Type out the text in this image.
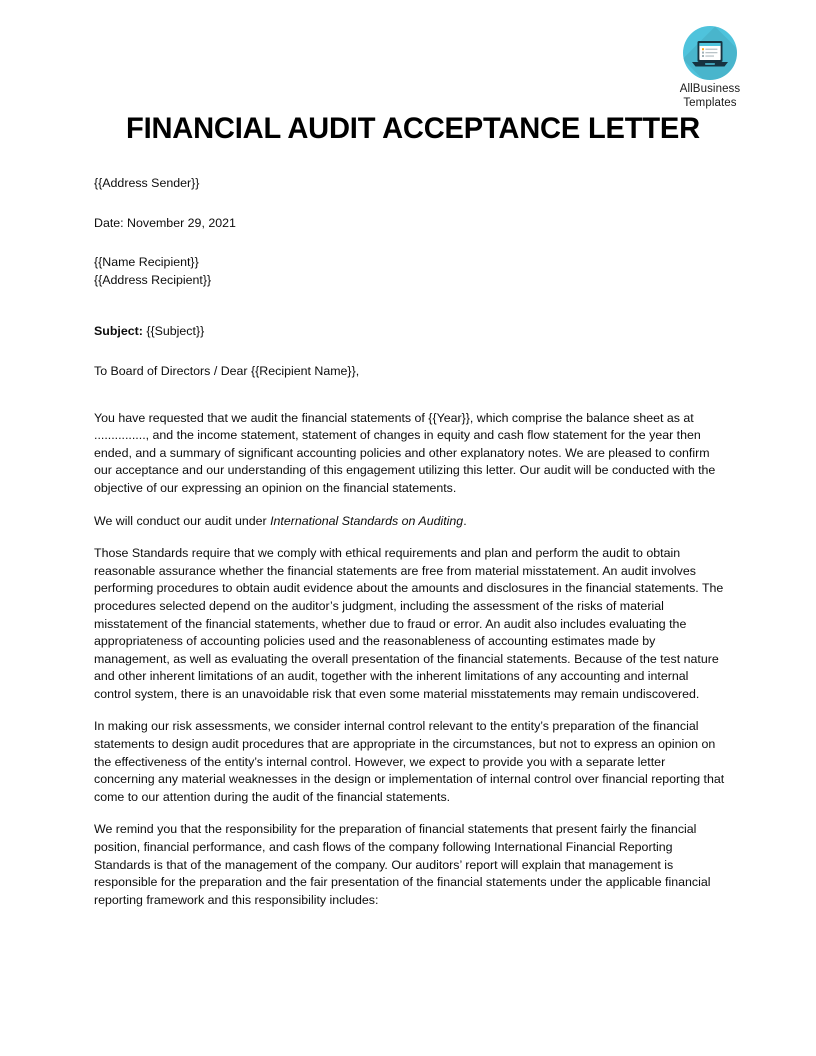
AllBusiness
Templates
FINANCIAL AUDIT ACCEPTANCE LETTER

{{Address Sender}}

Date: November 29, 2021

{{Name Recipient}}

{{Address Recipient}}

Subject: {{Subject}}

To Board of Directors / Dear {{Recipient Name}},

You have requested that we audit the financial statements of {{Year}}, which comprise the balance sheet as at ..............., and the income statement, statement of changes in equity and cash flow statement for the year then ended, and a summary of significant accounting policies and other explanatory notes. We are pleased to confirm our acceptance and our understanding of this engagement utilizing this letter. Our audit will be conducted with the objective of our expressing an opinion on the financial statements.

We will conduct our audit under International Standards on Auditing.

Those Standards require that we comply with ethical requirements and plan and perform the audit to obtain reasonable assurance whether the financial statements are free from material misstatement. An audit involves performing procedures to obtain audit evidence about the amounts and disclosures in the financial statements. The procedures selected depend on the auditor’s judgment, including the assessment of the risks of material misstatement of the financial statements, whether due to fraud or error. An audit also includes evaluating the appropriateness of accounting policies used and the reasonableness of accounting estimates made by management, as well as evaluating the overall presentation of the financial statements. Because of the test nature and other inherent limitations of an audit, together with the inherent limitations of any accounting and internal control system, there is an unavoidable risk that even some material misstatements may remain undiscovered.

In making our risk assessments, we consider internal control relevant to the entity’s preparation of the financial statements to design audit procedures that are appropriate in the circumstances, but not to express an opinion on the effectiveness of the entity’s internal control. However, we expect to provide you with a separate letter concerning any material weaknesses in the design or implementation of internal control over financial reporting that come to our attention during the audit of the financial statements.

We remind you that the responsibility for the preparation of financial statements that present fairly the financial position, financial performance, and cash flows of the company following International Financial Reporting Standards is that of the management of the company. Our auditors’ report will explain that management is responsible for the preparation and the fair presentation of the financial statements under the applicable financial reporting framework and this responsibility includes:
